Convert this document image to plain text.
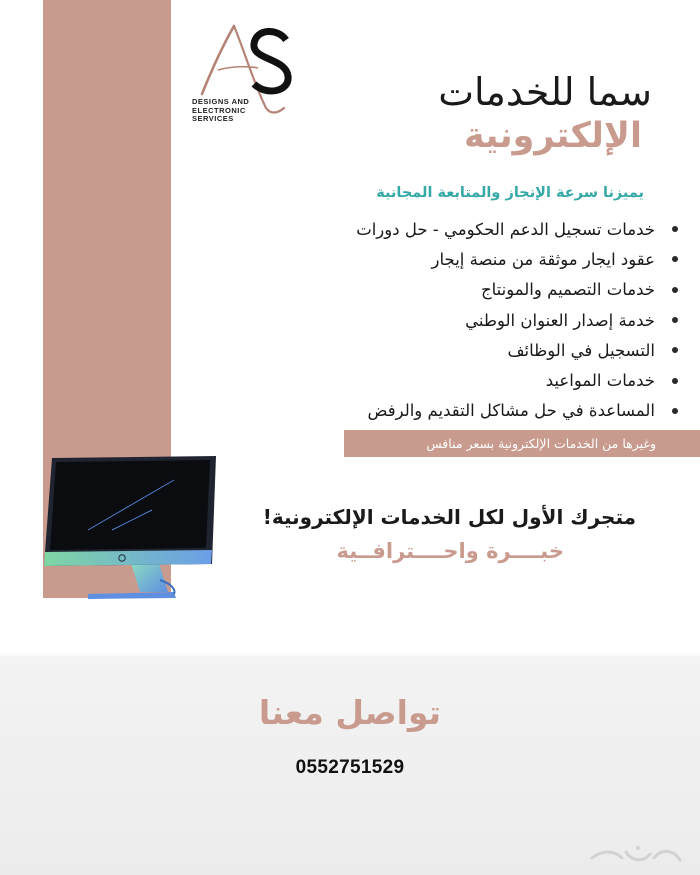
DESIGNS AND
ELECTRONIC
SERVICES
سما للخدمات
الإلكترونية
يميزنا سرعة الإنجاز والمتابعة المجانية
خدمات تسجيل الدعم الحكومي - حل دورات
عقود ايجار موثقة من منصة إيجار
خدمات التصميم والمونتاج
خدمة إصدار العنوان الوطني
التسجيل في الوظائف
خدمات المواعيد
المساعدة في حل مشاكل التقديم والرفض
وغيرها من الخدمات الإلكترونية بسعر منافس
متجرك الأول لكل الخدمات الإلكترونية!
خبــــرة واحــــترافــية
تواصل معنا
0552751529
